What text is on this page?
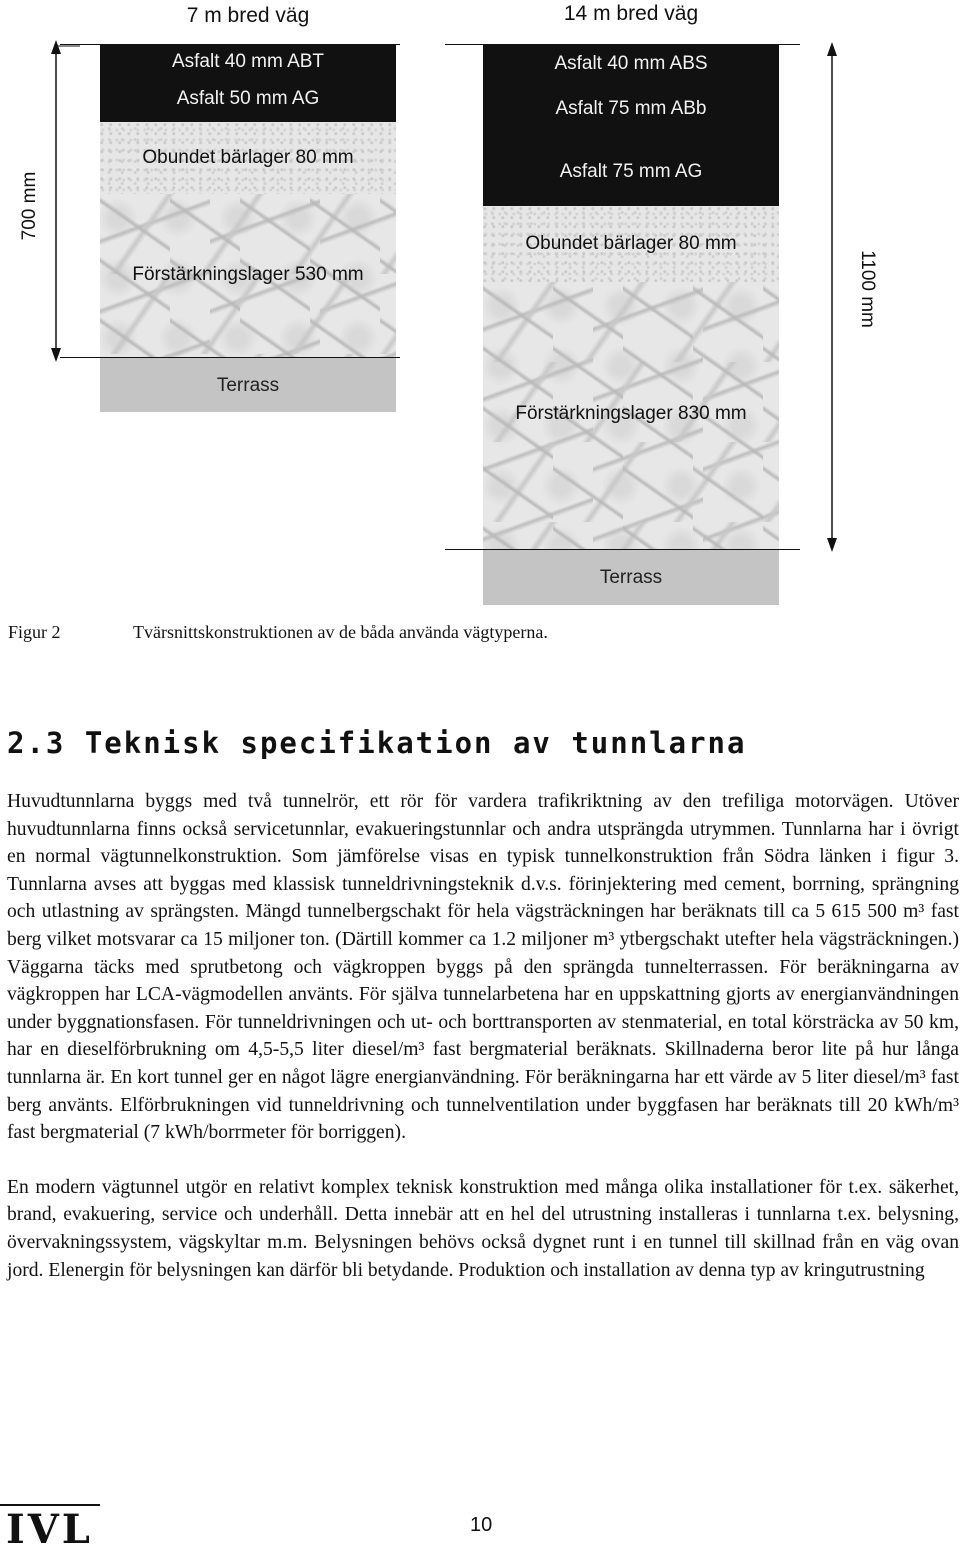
700 mm
7 m bred väg
Asfalt 40 mm ABT
Asfalt 50 mm AG
Obundet bärlager 80 mm
Förstärkningslager 530 mm
Terrass
14 m bred väg
Asfalt 40 mm ABS
Asfalt 75 mm ABb
Asfalt 75 mm AG
Obundet bärlager 80 mm
Förstärkningslager 830 mm
Terrass
1100 mm
Figur 2	Tvärsnittskonstruktionen av de båda använda vägtyperna.
2.3 Teknisk specifikation av tunnlarna

Huvudtunnlarna byggs med två tunnelrör, ett rör för vardera trafikriktning av den trefiliga motorvägen. Utöver huvudtunnlarna finns också servicetunnlar, evakueringstunnlar och andra utsprängda utrymmen. Tunnlarna har i övrigt en normal vägtunnelkonstruktion. Som jämförelse visas en typisk tunnelkonstruktion från Södra länken i figur 3. Tunnlarna avses att byggas med klassisk tunneldrivningsteknik d.v.s. förinjektering med cement, borrning, sprängning och utlastning av sprängsten. Mängd tunnelbergschakt för hela vägsträckningen har beräknats till ca 5 615 500 m³ fast berg vilket motsvarar ca 15 miljoner ton. (Därtill kommer ca 1.2 miljoner m³ ytbergschakt utefter hela vägsträckningen.) Väggarna täcks med sprutbetong och vägkroppen byggs på den sprängda tunnelterrassen. För beräkningarna av vägkroppen har LCA-vägmodellen använts. För själva tunnelarbetena har en uppskattning gjorts av energianvändningen under byggnationsfasen. För tunneldrivningen och ut- och borttransporten av stenmaterial, en total körsträcka av 50 km, har en dieselförbrukning om 4,5-5,5 liter diesel/m³ fast bergmaterial beräknats. Skillnaderna beror lite på hur långa tunnlarna är. En kort tunnel ger en något lägre energianvändning. För beräkningarna har ett värde av 5 liter diesel/m³ fast berg använts. Elförbrukningen vid tunneldrivning och tunnelventilation under byggfasen har beräknats till 20 kWh/m³ fast bergmaterial (7 kWh/borrmeter för borriggen).

En modern vägtunnel utgör en relativt komplex teknisk konstruktion med många olika installationer för t.ex. säkerhet, brand, evakuering, service och underhåll. Detta innebär att en hel del utrustning installeras i tunnlarna t.ex. belysning, övervakningssystem, vägskyltar m.m. Belysningen behövs också dygnet runt i en tunnel till skillnad från en väg ovan jord. Elenergin för belysningen kan därför bli betydande. Produktion och installation av denna typ av kringutrustning

IVL	10
